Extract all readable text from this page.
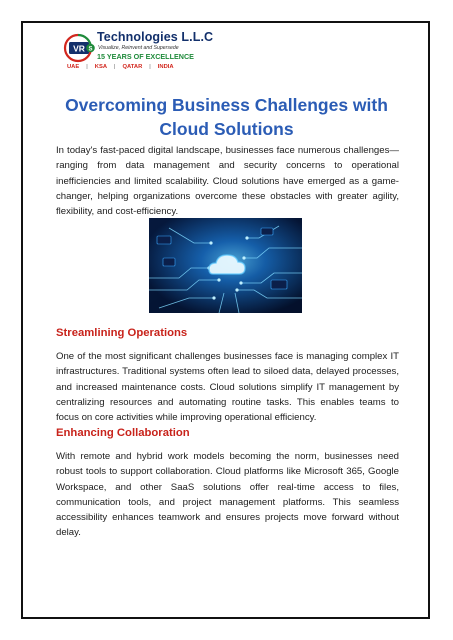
VR S
Technologies L.L.C
Visualize, Reinvent and Supersede
15 YEARS OF EXCELLENCE
UAE	|	KSA	|	QATAR	|	INDIA
Overcoming Business Challenges with Cloud Solutions

In today's fast-paced digital landscape, businesses face numerous challenges—ranging from data management and security concerns to operational inefficiencies and limited scalability. Cloud solutions have emerged as a game-changer, helping organizations overcome these obstacles with greater agility, flexibility, and cost-efficiency.

Streamlining Operations

One of the most significant challenges businesses face is managing complex IT infrastructures. Traditional systems often lead to siloed data, delayed processes, and increased maintenance costs. Cloud solutions simplify IT management by centralizing resources and automating routine tasks. This enables teams to focus on core activities while improving operational efficiency.

Enhancing Collaboration

With remote and hybrid work models becoming the norm, businesses need robust tools to support collaboration. Cloud platforms like Microsoft 365, Google Workspace, and other SaaS solutions offer real-time access to files, communication tools, and project management platforms. This seamless accessibility enhances teamwork and ensures projects move forward without delay.
